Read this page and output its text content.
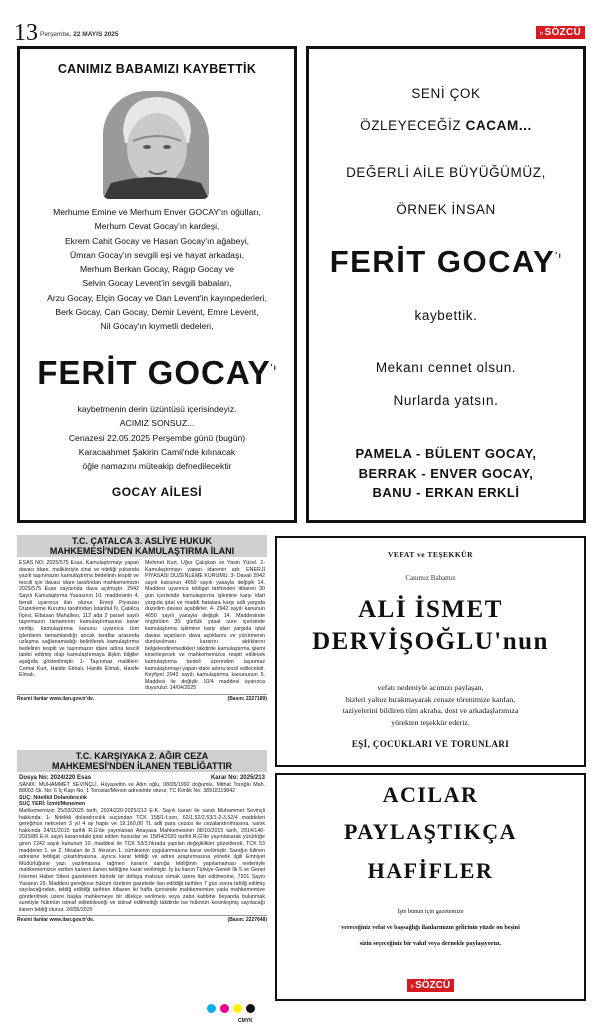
13 Perşembe, 22 MAYIS 2025	trSÖZCÜ
CANIMIZ BABAMIZI KAYBETTİK
Merhume Emine ve Merhum Enver GOCAY'ın oğulları,
Merhum Cevat Gocay'ın kardeşi,
Ekrem Cahit Gocay ve Hasan Gocay'ın ağabeyi,
Ümran Gocay'ın sevgili eşi ve hayat arkadaşı,
Merhum Berkan Gocay, Ragıp Gocay ve
Selvin Gocay Levent'in sevgili babaları,
Arzu Gocay, Elçin Gocay ve Dan Levent'in kayınpederleri,
Berk Gocay, Can Gocay, Demir Levent, Emre Levent,
Nil Gocay'ın kıymetli dedeleri,
FERİT $GOCAY^{'ı}$
kaybetmenin derin üzüntüsü içerisindeyiz.
ACIMIZ SONSUZ...
Cenazesi 22.05.2025 Perşembe günü (bugün)
Karacaahmet Şakirin Camii'nde kılınacak
öğle namazını müteakip defnedilecektir
GOCAY AİLESİ
SENİ ÇOK
ÖZLEYECEĞİZ CACAM...
DEĞERLİ AİLE BÜYÜĞÜMÜZ,
ÖRNEK İNSAN
FERİT $GOCAY^{'ı}$
kaybettik.
Mekanı cennet olsun.
Nurlarda yatsın.
PAMELA - BÜLENT GOCAY,
BERRAK - ENVER GOCAY,
BANU - ERKAN ERKLİ
T.C. ÇATALCA 3. ASLİYE HUKUK
MAHKEMESİ'NDEN KAMULAŞTIRMA İLANI
ESAS NO: 2025/575 Esas. Kamulaştırmayı yapan davacı idare, malikleriyle cinsi ve niteliği yukarıda yazılı taşınmazın kamulaştırma bedelinin tespiti ve tescili için davacı idare tarafından mahkememizin 2025/575 Esas sayısında dava açılmıştır. 2942 Sayılı Kamulaştırma Yasasının 10. maddesinin 4. bendi uyarınca ilan olunur. Enerji Piyasası Düzenleme Kurumu tarafından İstanbul İli, Çatalca İlçesi, Elbasan Mahallesi, 112 ada 2 parsel sayılı taşınmazın tamamının kamulaştırmasına karar verilip, kamulaştırma kanunu uyarınca tüm işlemlerin tamamlandığı ancak taraflar arasında uzlaşma sağlanamadığı belirtilerek kamulaştırma bedelinin tespiti ve taşınmazın idare adına tescili talebi edilmiş olup kamulaştırmaya ilişkin bilgiler aşağıda gösterilmiştir. 1- Taşınmaz malikleri: Cemal Kurt, Halide Elmalı, Hanife Elmalı, Hanife Elmalı,
Mehmet Kurt, Uğur Çalışkan ve Yasin Yücel. 2- Kamulaştırmayı yapan idarenin adı: ENERJİ PİYASASI DÜZENLEME KURUMU. 3- Davalı 2942 sayılı kanunun 4650 sayılı yasayla değişik 14. Maddesi uyarınca tebligat tarihinden itibaren 30 gün içerisinde kamulaştırma işlemine karşı idari yargıda iptal ve maddi hatalara karşı adli yargıda düzeltim davası açabilirler. 4- 2942 sayılı kanunun 4650 sayılı yasayla değişik 14. Maddesinde öngörülen 30 günlük yasal süre içerisinde kamulaştırma işlemine karşı idari yargıda iptal davası açanların dava açtıklarını ve yürütmenin durdurulması kararını aldıklarını belgelendiremedikleri takdirde kamulaştırma işlemi kesinleşecek ve mahkememizce tespit edilecek kamulaştırma bedeli üzerinden taşınmaz kamulaştırmayı yapan idare adına tescil edilecektir. Keyfiyet 2942 sayılı kamulaştırma kanununun 5. Maddesi ile değişik 10/4 maddesi uyarınca duyurulur. 14/04/2025
Resmi ilanlar www.ilan.gov.tr'de.	(Basın: 2227189)
T.C. KARŞIYAKA 2. AĞIR CEZA
MAHKEMESİ'NDEN İLANEN TEBLİĞATTIR
Dosya No: 2024/220 Esas	Karar No: 2025/213
SANIK: MUHAMMET SEVİNÇLİ, Hüyasettin ve Altın oğlu, 08/05/1992 doğumlu, Mithat Toroğlu Mah. 88003 Sk. No: 6 İç Kapı No: 1 Toroslar/Mersin adresinde oturur, TC Kimlik No: 38918119842
SUÇ: Nitelikli Dolandırıcılık
SUÇ YERİ: İzmit/Menemen
Mahkememizin 25/03/2025 tarih, 2024/220-2025/213 E-K. Sayılı kararı ile sanık Muhammet Sevinçli hakkında: 1- Nitelikli dolandırıcılık suçundan TCK 158/1-f,son, 62/1,52/2,53/1-2-3,52/4 maddeleri gereğince neticeten 3 yıl 4 ay hapis ve 19.160,00 TL adli para cezası ile cezalandırılmasına, sanık hakkında 24/11/2015 tarihli R.G'de yayınlanan Anayasa Mahkemesinin 08/10/2015 tarih, 2014/140-2015/85 E-K sayılı kararındaki iptal edilen hususlar ve 15/04/2020 tarihli R.G'de yayınlanarak yürürlüğe giren 7242 sayılı kanunun 10. maddesi ile TCK 53/3.fıkrada yapılan değişiklikler gözetilerek, TCK 53 maddenin 1. ve 2. fıkraları ile 3. fıkranın 1. cümlesinin uygulanmasına karar verilmiştir. Sanığın bilinen adresine tebligat çıkartılmasına, ayrıca karar tebliği ve adres araştırmasına yönelik ilgili Emniyet Müdürlüğüne yazı yazılmasına rağmen kararın sanığa tebliğinin yapılamaması nedeniyle mahkememizce verilen kararın ilanen tebliğine karar verilmiştir. İş bu ilanın Türkiye Geneli İlk 5 ve Genel İnternet Haber Sitesi gazetelerin birinde bir defaya mahsus olmak üzere ilan edilmesine, 7201 Sayılı Yasanın 29. Maddesi gereğince hüküm özetinin gazetede ilan edildiği tarihten 7 gün sonra tebliğ edilmiş sayılacağından, tebliğ edildiği tarihten itibaren iki hafta içerisinde mahkememize yada mahkememize gönderilmek üzere başka mahkemeye bir dilekçe verilmesi veya zabıt katibine beyanda bulunmak suretiyle hükmün istinaf edilebileceği ve istinaf edilmediği takdirde ise hükmün kesinleşmiş sayılacağı ilanen tebliğ olunur. 20/05/2025
Resmi ilanlar www.ilan.gov.tr'de.	(Basın: 2227648)
VEFAT ve TEŞEKKÜR
Canımız Babamız
ALİ İSMET
DERVİŞOĞLU'nun
vefatı nedeniyle acımızı paylaşan,
bizleri yalnız bırakmayarak cenaze törenimize katılan,
taziyelerini bildiren tüm akraba, dost ve arkadaşlarımıza
yürekten teşekkür ederiz.
EŞİ, ÇOCUKLARI VE TORUNLARI
ACILAR
PAYLAŞTIKÇA
HAFİFLER
İşte bunun için gazetemize
vereceğiniz vefat ve başsağlığı ilanlarınızın gelirinin yüzde on beşini
sizin seçeceğiniz bir vakıf veya dernekle paylaşıyoruz.
trSÖZCÜ
CMYK
